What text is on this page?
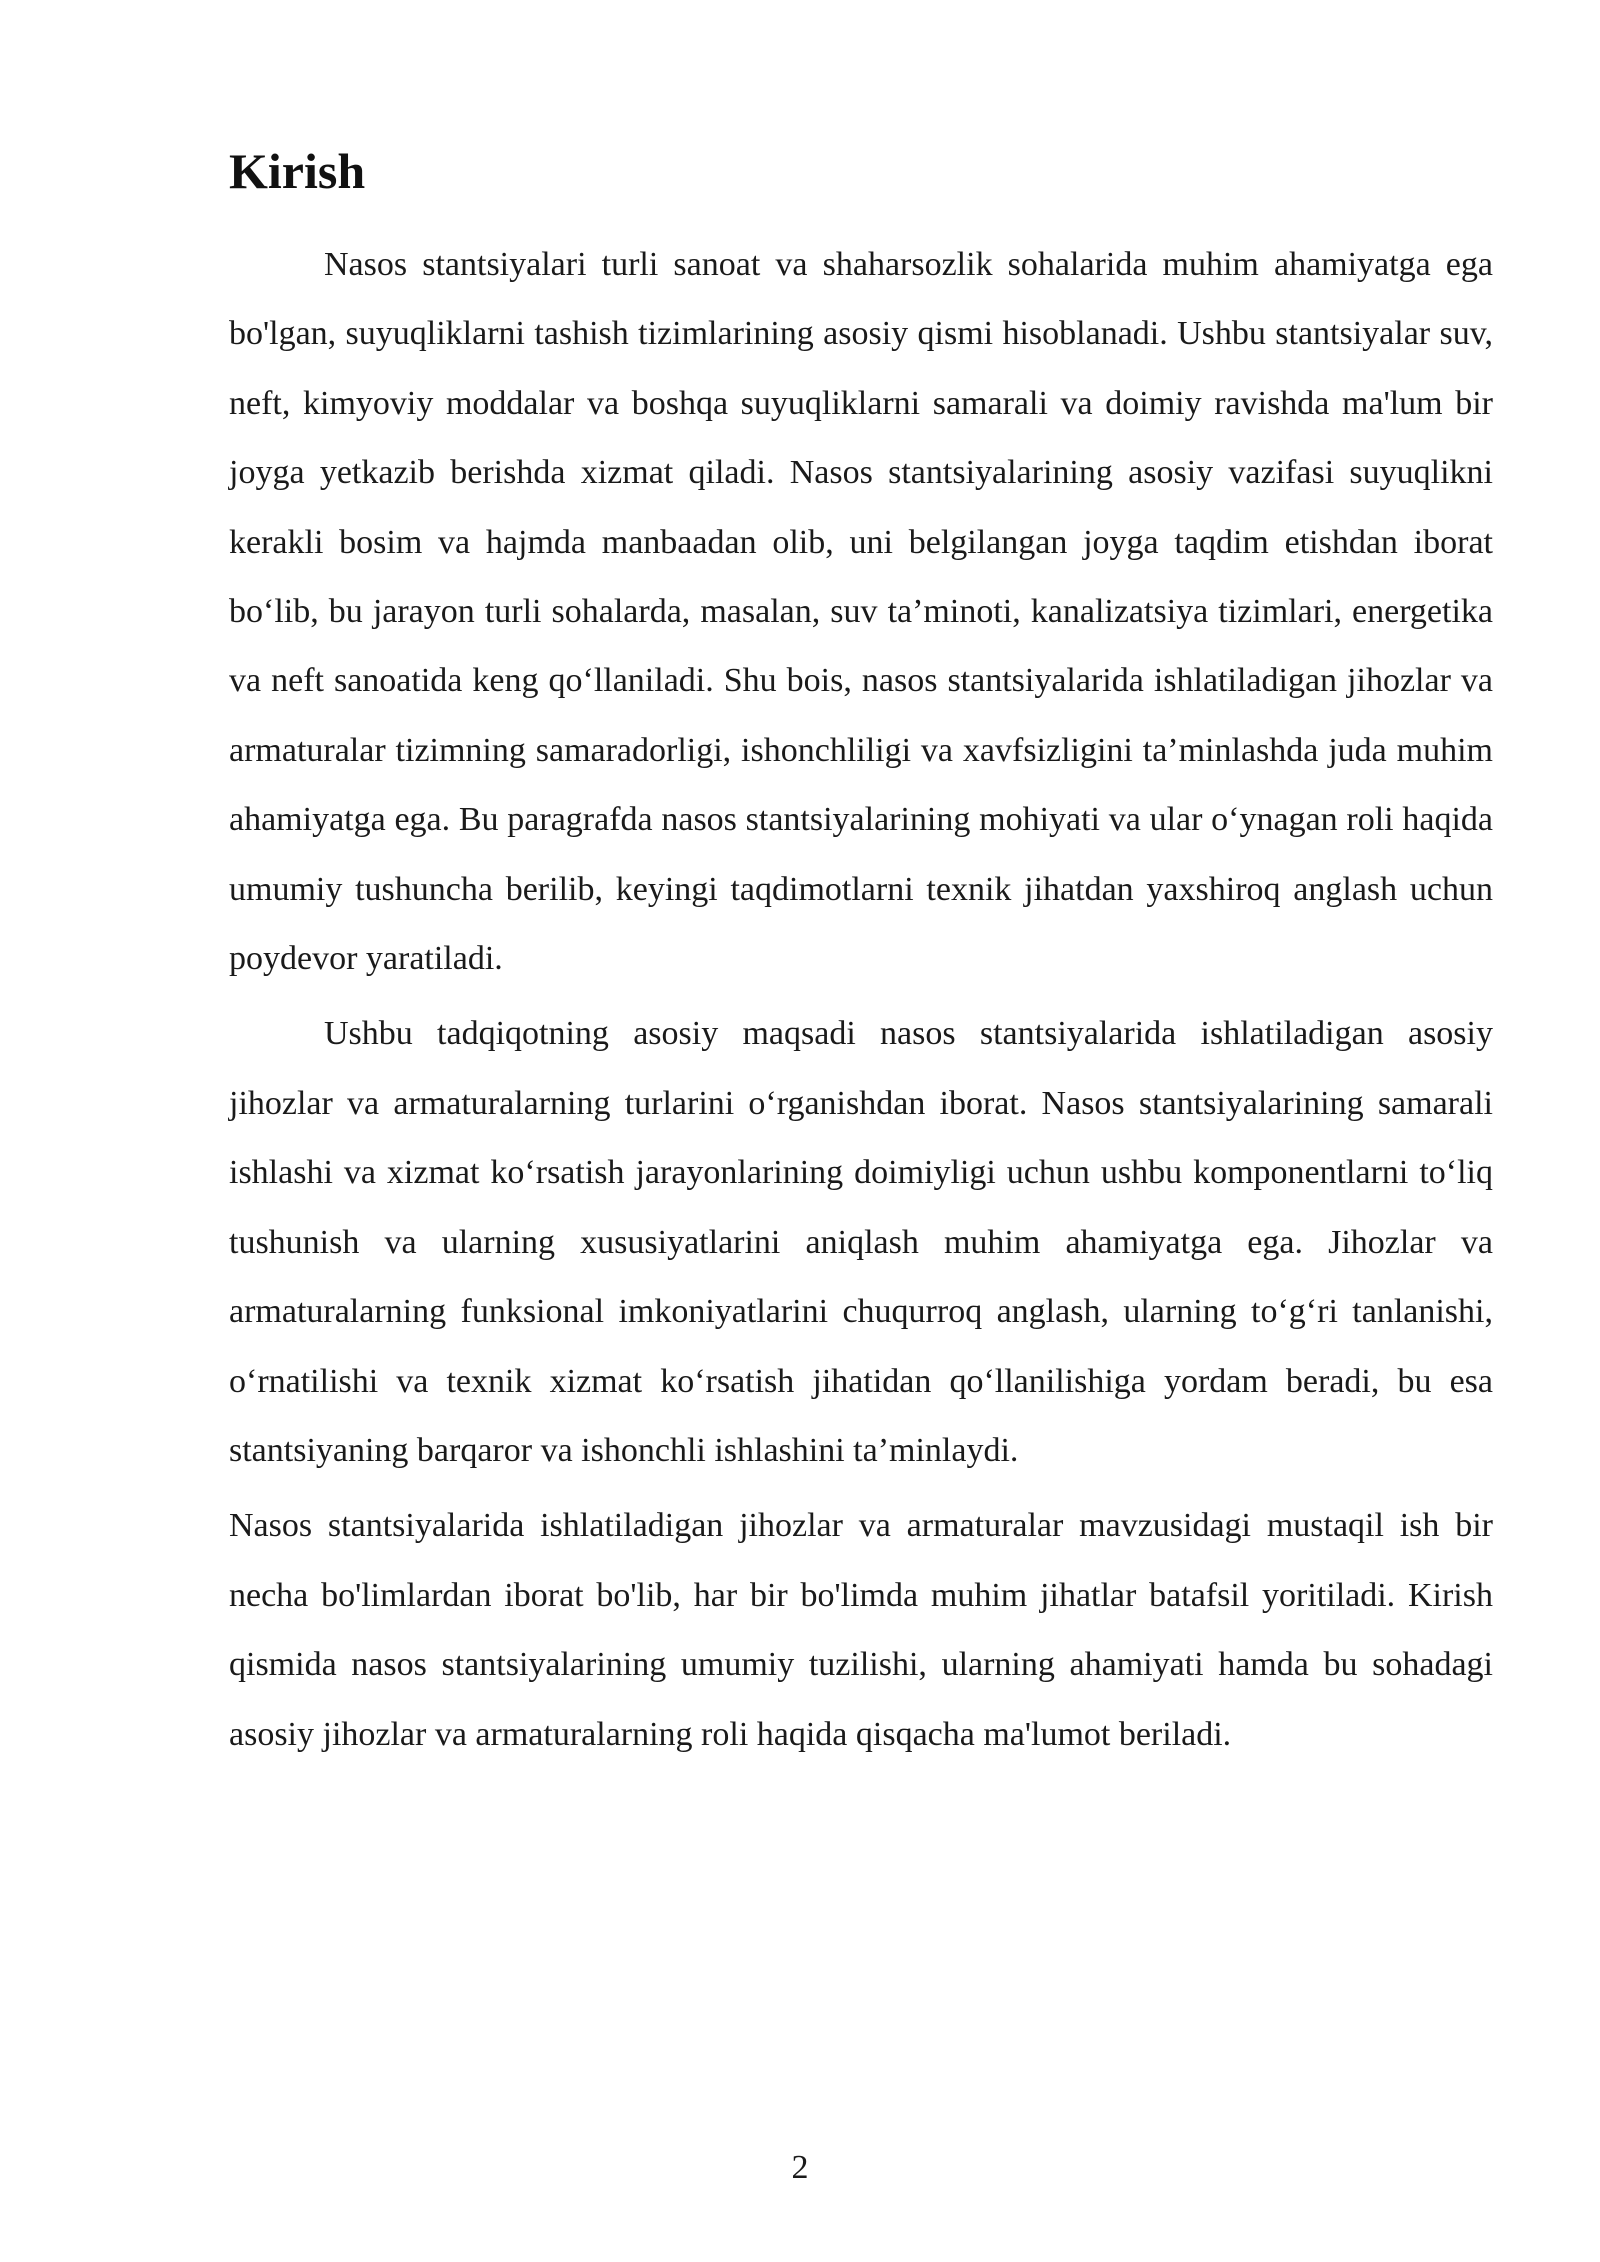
Kirish

Nasos stantsiyalari turli sanoat va shaharsozlik sohalarida muhim ahamiyatga ega bo'lgan, suyuqliklarni tashish tizimlarining asosiy qismi hisoblanadi. Ushbu stantsiyalar suv, neft, kimyoviy moddalar va boshqa suyuqliklarni samarali va doimiy ravishda ma'lum bir joyga yetkazib berishda xizmat qiladi. Nasos stantsiyalarining asosiy vazifasi suyuqlikni kerakli bosim va hajmda manbaadan olib, uni belgilangan joyga taqdim etishdan iborat bo‘lib, bu jarayon turli sohalarda, masalan, suv ta’minoti, kanalizatsiya tizimlari, energetika va neft sanoatida keng qo‘llaniladi. Shu bois, nasos stantsiyalarida ishlatiladigan jihozlar va armaturalar tizimning samaradorligi, ishonchliligi va xavfsizligini ta’minlashda juda muhim ahamiyatga ega. Bu paragrafda nasos stantsiyalarining mohiyati va ular o‘ynagan roli haqida umumiy tushuncha berilib, keyingi taqdimotlarni texnik jihatdan yaxshiroq anglash uchun poydevor yaratiladi.

Ushbu tadqiqotning asosiy maqsadi nasos stantsiyalarida ishlatiladigan asosiy jihozlar va armaturalarning turlarini o‘rganishdan iborat. Nasos stantsiyalarining samarali ishlashi va xizmat ko‘rsatish jarayonlarining doimiyligi uchun ushbu komponentlarni to‘liq tushunish va ularning xususiyatlarini aniqlash muhim ahamiyatga ega. Jihozlar va armaturalarning funksional imkoniyatlarini chuqurroq anglash, ularning to‘g‘ri tanlanishi, o‘rnatilishi va texnik xizmat ko‘rsatish jihatidan qo‘llanilishiga yordam beradi, bu esa stantsiyaning barqaror va ishonchli ishlashini ta’minlaydi.

Nasos stantsiyalarida ishlatiladigan jihozlar va armaturalar mavzusidagi mustaqil ish bir necha bo'limlardan iborat bo'lib, har bir bo'limda muhim jihatlar batafsil yoritiladi. Kirish qismida nasos stantsiyalarining umumiy tuzilishi, ularning ahamiyati hamda bu sohadagi asosiy jihozlar va armaturalarning roli haqida qisqacha ma'lumot beriladi.

2
